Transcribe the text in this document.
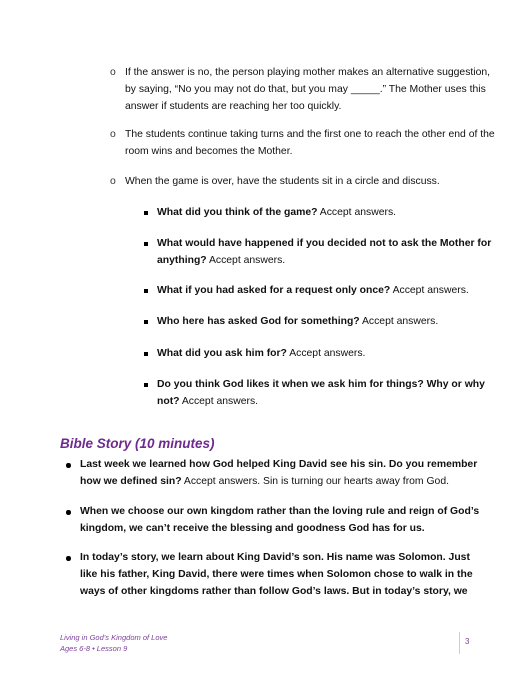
o If the answer is no, the person playing mother makes an alternative suggestion,
by saying, “No you may not do that, but you may _____.” The Mother uses this
answer if students are reaching her too quickly.
o The students continue taking turns and the first one to reach the other end of the
room wins and becomes the Mother.
o When the game is over, have the students sit in a circle and discuss.
What did you think of the game? Accept answers.
What would have happened if you decided not to ask the Mother for
anything? Accept answers.
What if you had asked for a request only once? Accept answers.
Who here has asked God for something? Accept answers.
What did you ask him for? Accept answers.
Do you think God likes it when we ask him for things? Why or why
not? Accept answers.
Bible Story (10 minutes)
Last week we learned how God helped King David see his sin. Do you remember
how we defined sin? Accept answers. Sin is turning our hearts away from God.
When we choose our own kingdom rather than the loving rule and reign of God’s
kingdom, we can’t receive the blessing and goodness God has for us.
In today’s story, we learn about King David’s son. His name was Solomon. Just
like his father, King David, there were times when Solomon chose to walk in the
ways of other kingdoms rather than follow God’s laws. But in today’s story, we
Living in God’s Kingdom of Love
Ages 6-8 • Lesson 9
3
